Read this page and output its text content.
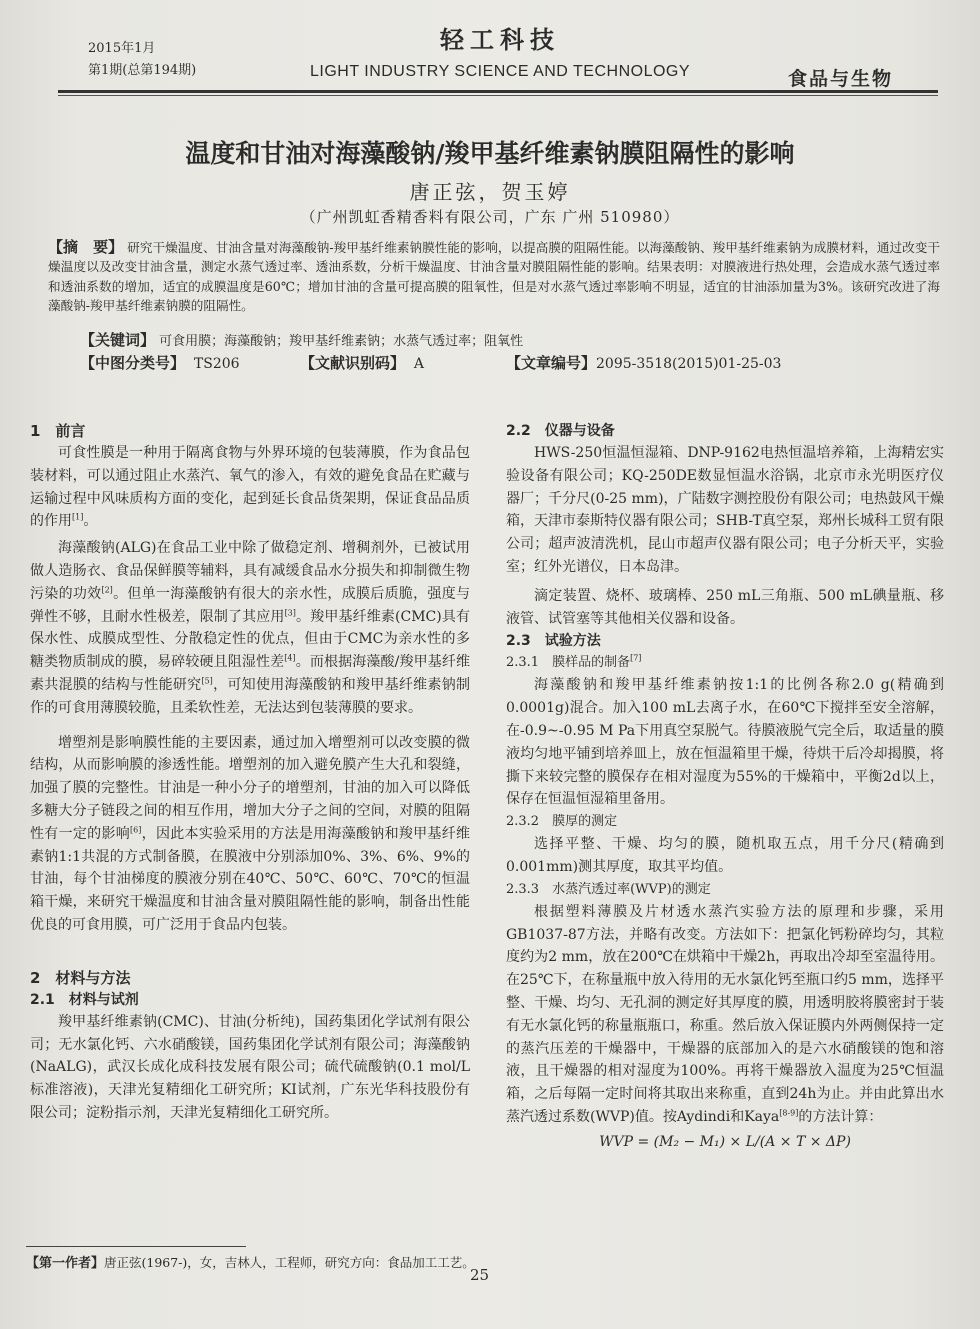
2015年1月
第1期(总第194期)
轻工科技
LIGHT INDUSTRY SCIENCE AND TECHNOLOGY	食品与生物
温度和甘油对海藻酸钠/羧甲基纤维素钠膜阻隔性的影响
唐正弦，贺玉婷
（广州凯虹香精香料有限公司，广东 广州 510980）
【摘　要】 研究干燥温度、甘油含量对海藻酸钠-羧甲基纤维素钠膜性能的影响，以提高膜的阻隔性能。以海藻酸钠、羧甲基纤维素钠为成膜材料，通过改变干燥温度以及改变甘油含量，测定水蒸气透过率、透油系数，分析干燥温度、甘油含量对膜阻隔性能的影响。结果表明：对膜液进行热处理，会造成水蒸气透过率和透油系数的增加，适宜的成膜温度是60℃；增加甘油的含量可提高膜的阻氧性，但是对水蒸气透过率影响不明显，适宜的甘油添加量为3%。该研究改进了海藻酸钠-羧甲基纤维素钠膜的阻隔性。
【关键词】 可食用膜；海藻酸钠；羧甲基纤维素钠；水蒸气透过率；阻氧性
【中图分类号】 TS206	【文献识别码】 A	【文章编号】2095-3518(2015)01-25-03
1　前言

可食性膜是一种用于隔离食物与外界环境的包装薄膜，作为食品包装材料，可以通过阻止水蒸汽、氧气的渗入，有效的避免食品在贮藏与运输过程中风味质构方面的变化，起到延长食品货架期，保证食品品质的作用[1]。

海藻酸钠(ALG)在食品工业中除了做稳定剂、增稠剂外，已被试用做人造肠衣、食品保鲜膜等辅料，具有减缓食品水分损失和抑制微生物污染的功效[2]。但单一海藻酸钠有很大的亲水性，成膜后质脆，强度与弹性不够，且耐水性极差，限制了其应用[3]。羧甲基纤维素(CMC)具有保水性、成膜成型性、分散稳定性的优点，但由于CMC为亲水性的多糖类物质制成的膜，易碎较硬且阻湿性差[4]。而根据海藻酸/羧甲基纤维素共混膜的结构与性能研究[5]，可知使用海藻酸钠和羧甲基纤维素钠制作的可食用薄膜较脆，且柔软性差，无法达到包装薄膜的要求。

增塑剂是影响膜性能的主要因素，通过加入增塑剂可以改变膜的微结构，从而影响膜的渗透性能。增塑剂的加入避免膜产生大孔和裂缝，加强了膜的完整性。甘油是一种小分子的增塑剂，甘油的加入可以降低多糖大分子链段之间的相互作用，增加大分子之间的空间，对膜的阻隔性有一定的影响[6]，因此本实验采用的方法是用海藻酸钠和羧甲基纤维素钠1:1共混的方式制备膜，在膜液中分别添加0%、3%、6%、9%的甘油，每个甘油梯度的膜液分别在40℃、50℃、60℃、70℃的恒温箱干燥，来研究干燥温度和甘油含量对膜阻隔性能的影响，制备出性能优良的可食用膜，可广泛用于食品内包装。

2　材料与方法
2.1　材料与试剂

羧甲基纤维素钠(CMC)、甘油(分析纯)，国药集团化学试剂有限公司；无水氯化钙、六水硝酸镁，国药集团化学试剂有限公司；海藻酸钠(NaALG)，武汉长成化成科技发展有限公司；硫代硫酸钠(0.1 mol/L标准溶液)，天津光复精细化工研究所；KI试剂，广东光华科技股份有限公司；淀粉指示剂，天津光复精细化工研究所。

2.2　仪器与设备

HWS-250恒温恒湿箱、DNP-9162电热恒温培养箱，上海精宏实验设备有限公司；KQ-250DE数显恒温水浴锅，北京市永光明医疗仪器厂；千分尺(0-25 mm)，广陆数字测控股份有限公司；电热鼓风干燥箱，天津市泰斯特仪器有限公司；SHB-T真空泵，郑州长城科工贸有限公司；超声波清洗机，昆山市超声仪器有限公司；电子分析天平，实验室；红外光谱仪，日本岛津。

滴定装置、烧杯、玻璃棒、250 mL三角瓶、500 mL碘量瓶、移液管、试管塞等其他相关仪器和设备。

2.3　试验方法
2.3.1　膜样品的制备[7]

海藻酸钠和羧甲基纤维素钠按1:1的比例各称2.0 g(精确到0.0001g)混合。加入100 mL去离子水，在60℃下搅拌至安全溶解，在-0.9~-0.95 M Pa下用真空泵脱气。待膜液脱气完全后，取适量的膜液均匀地平铺到培养皿上，放在恒温箱里干燥，待烘干后冷却揭膜，将撕下来较完整的膜保存在相对湿度为55%的干燥箱中，平衡2d以上，保存在恒温恒湿箱里备用。

2.3.2　膜厚的测定

选择平整、干燥、均匀的膜，随机取五点，用千分尺(精确到0.001mm)测其厚度，取其平均值。

2.3.3　水蒸汽透过率(WVP)的测定

根据塑料薄膜及片材透水蒸汽实验方法的原理和步骤，采用GB1037-87方法，并略有改变。方法如下：把氯化钙粉碎均匀，其粒度约为2 mm，放在200℃在烘箱中干燥2h，再取出冷却至室温待用。在25℃下，在称量瓶中放入待用的无水氯化钙至瓶口约5 mm，选择平整、干燥、均匀、无孔洞的测定好其厚度的膜，用透明胶将膜密封于装有无水氯化钙的称量瓶瓶口，称重。然后放入保证膜内外两侧保持一定的蒸汽压差的干燥器中，干燥器的底部加入的是六水硝酸镁的饱和溶液，且干燥器的相对湿度为100%。再将干燥器放入温度为25℃恒温箱，之后每隔一定时间将其取出来称重，直到24h为止。并由此算出水蒸汽透过系数(WVP)值。按Aydindi和Kaya[8-9]的方法计算：

WVP = (M₂ − M₁) × L/(A × T × ΔP)
【第一作者】唐正弦(1967-)，女，吉林人，工程师，研究方向：食品加工工艺。
25
